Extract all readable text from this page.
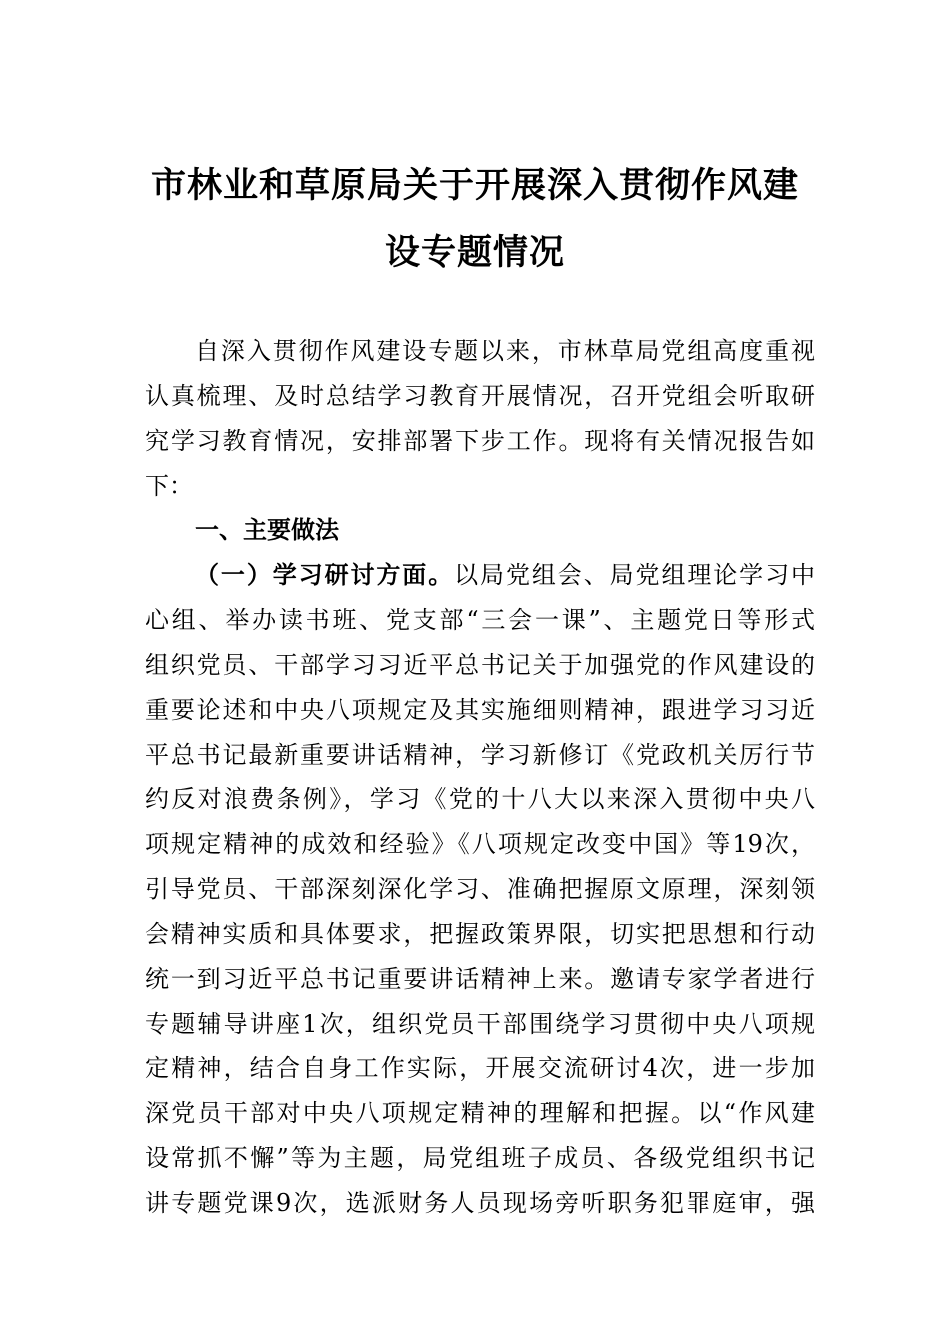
市林业和草原局关于开展深入贯彻作风建
设专题情况
自深入贯彻作风建设专题以来，市林草局党组高度重视
认真梳理、及时总结学习教育开展情况，召开党组会听取研
究学习教育情况，安排部署下步工作。现将有关情况报告如
下：
一、主要做法
（一）学习研讨方面。以局党组会、局党组理论学习中
心组、举办读书班、党支部“三会一课”、主题党日等形式
组织党员、干部学习习近平总书记关于加强党的作风建设的
重要论述和中央八项规定及其实施细则精神，跟进学习习近
平总书记最新重要讲话精神，学习新修订《党政机关厉行节
约反对浪费条例》，学习《党的十八大以来深入贯彻中央八
项规定精神的成效和经验》《八项规定改变中国》等19次，
引导党员、干部深刻深化学习、准确把握原文原理，深刻领
会精神实质和具体要求，把握政策界限，切实把思想和行动
统一到习近平总书记重要讲话精神上来。邀请专家学者进行
专题辅导讲座1次，组织党员干部围绕学习贯彻中央八项规
定精神，结合自身工作实际，开展交流研讨4次，进一步加
深党员干部对中央八项规定精神的理解和把握。以“作风建
设常抓不懈”等为主题，局党组班子成员、各级党组织书记
讲专题党课9次，选派财务人员现场旁听职务犯罪庭审，强
